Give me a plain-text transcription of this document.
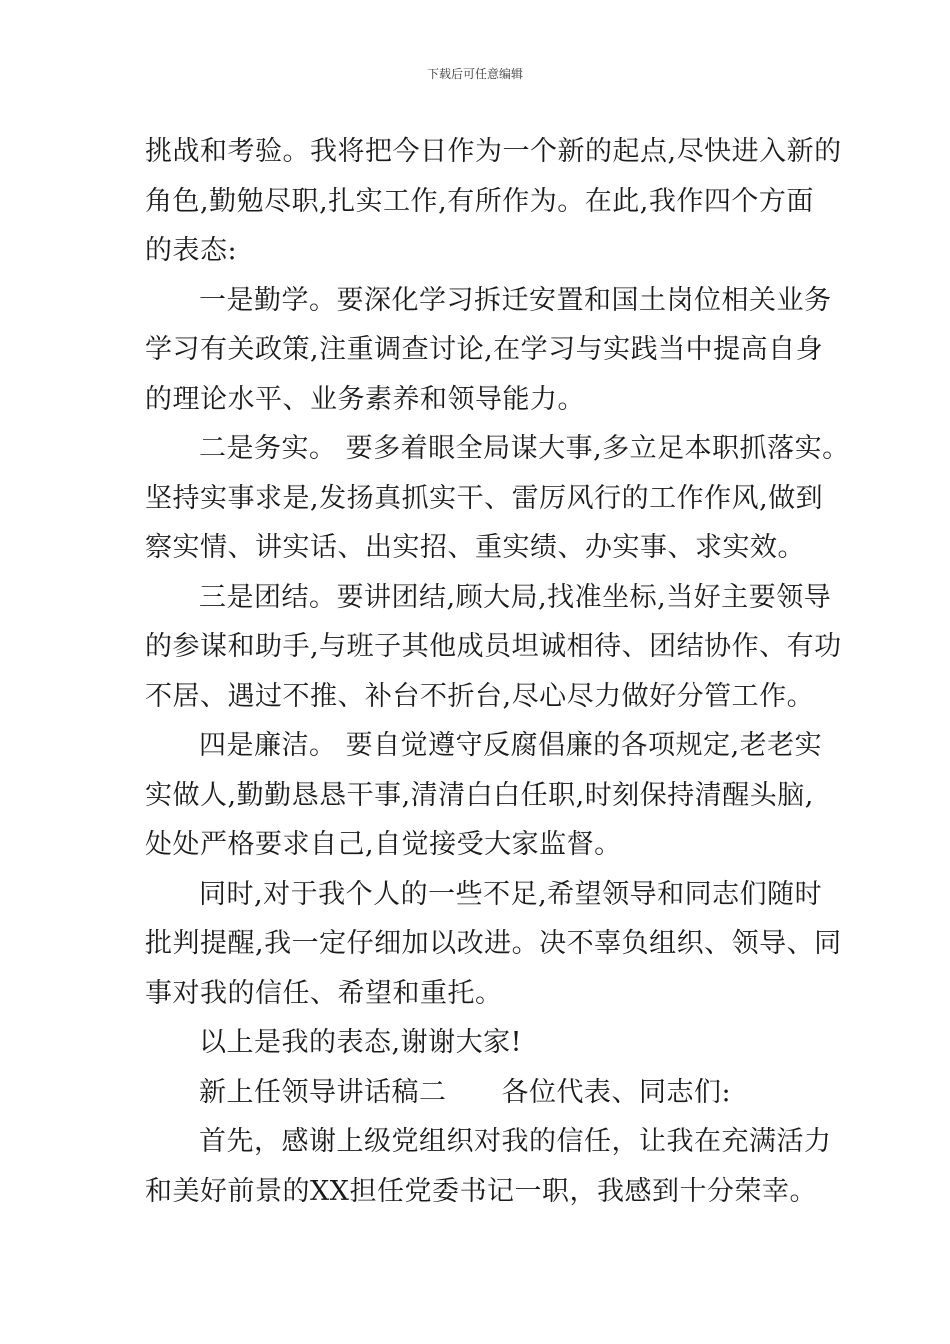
下载后可任意编辑
挑战和考验。我将把今日作为一个新的起点,尽快进入新的
角色,勤勉尽职,扎实工作,有所作为。在此,我作四个方面
的表态:
一是勤学。要深化学习拆迁安置和国土岗位相关业务
学习有关政策,注重调查讨论,在学习与实践当中提高自身
的理论水平、业务素养和领导能力。
二是务实。 要多着眼全局谋大事,多立足本职抓落实。
坚持实事求是,发扬真抓实干、雷厉风行的工作作风,做到
察实情、讲实话、出实招、重实绩、办实事、求实效。
三是团结。要讲团结,顾大局,找准坐标,当好主要领导
的参谋和助手,与班子其他成员坦诚相待、团结协作、有功
不居、遇过不推、补台不折台,尽心尽力做好分管工作。
四是廉洁。 要自觉遵守反腐倡廉的各项规定,老老实
实做人,勤勤恳恳干事,清清白白任职,时刻保持清醒头脑,
处处严格要求自己,自觉接受大家监督。
同时,对于我个人的一些不足,希望领导和同志们随时
批判提醒,我一定仔细加以改进。决不辜负组织、领导、同
事对我的信任、希望和重托。
以上是我的表态,谢谢大家!
新上任领导讲话稿二　　各位代表、同志们:
首先，感谢上级党组织对我的信任，让我在充满活力
和美好前景的XX担任党委书记一职，我感到十分荣幸。
